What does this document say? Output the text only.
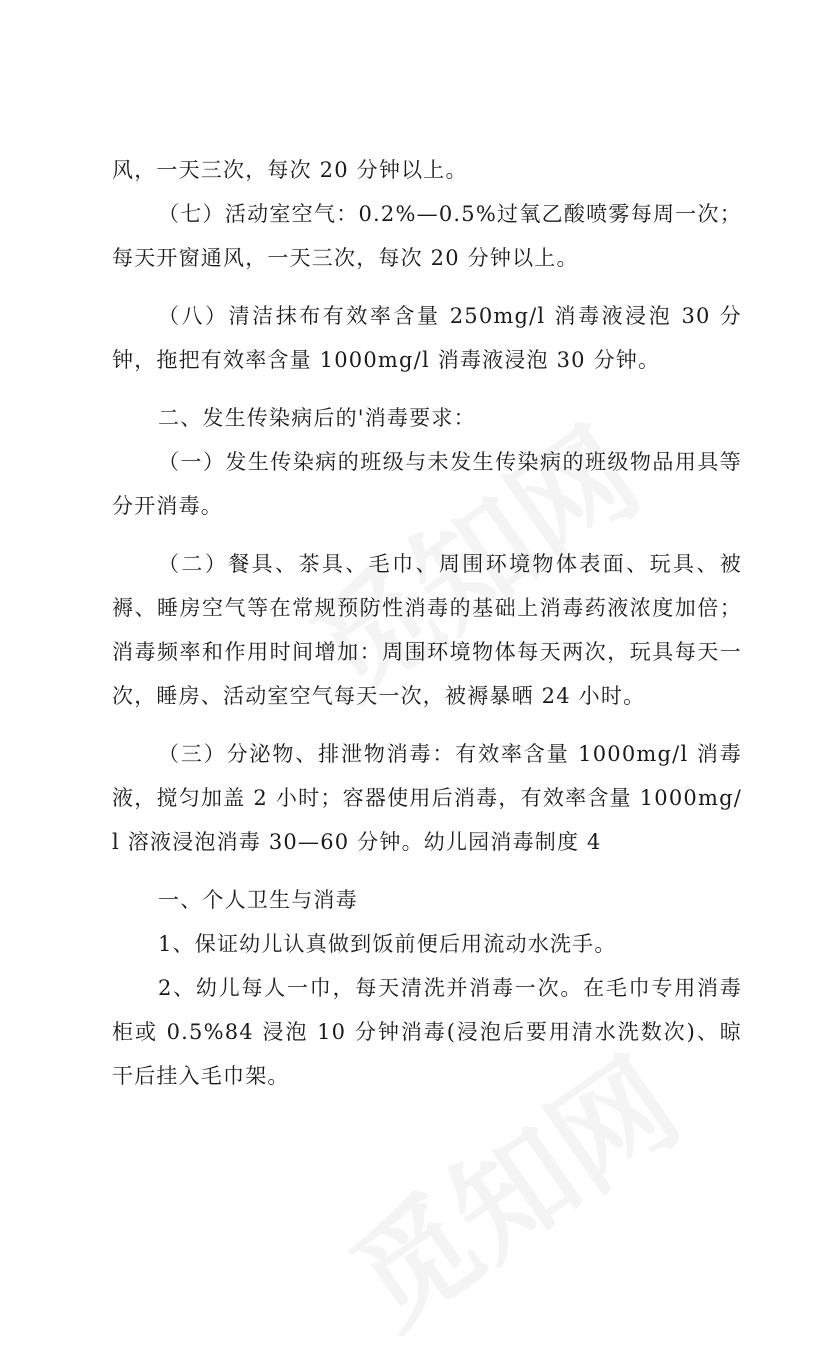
风，一天三次，每次 20 分钟以上。

（七）活动室空气：0.2%—0.5%过氧乙酸喷雾每周一次；每天开窗通风，一天三次，每次 20 分钟以上。

（八）清洁抹布有效率含量 250mg/l 消毒液浸泡 30 分钟，拖把有效率含量 1000mg/l 消毒液浸泡 30 分钟。

二、发生传染病后的'消毒要求：

（一）发生传染病的班级与未发生传染病的班级物品用具等分开消毒。

（二）餐具、茶具、毛巾、周围环境物体表面、玩具、被褥、睡房空气等在常规预防性消毒的基础上消毒药液浓度加倍；消毒频率和作用时间增加：周围环境物体每天两次，玩具每天一次，睡房、活动室空气每天一次，被褥暴晒 24 小时。

（三）分泌物、排泄物消毒：有效率含量 1000mg/l 消毒液，搅匀加盖 2 小时；容器使用后消毒，有效率含量 1000mg/l 溶液浸泡消毒 30—60 分钟。幼儿园消毒制度 4

一、个人卫生与消毒

1、保证幼儿认真做到饭前便后用流动水洗手。

2、幼儿每人一巾，每天清洗并消毒一次。在毛巾专用消毒柜或 0.5%84 浸泡 10 分钟消毒(浸泡后要用清水洗数次)、晾干后挂入毛巾架。
